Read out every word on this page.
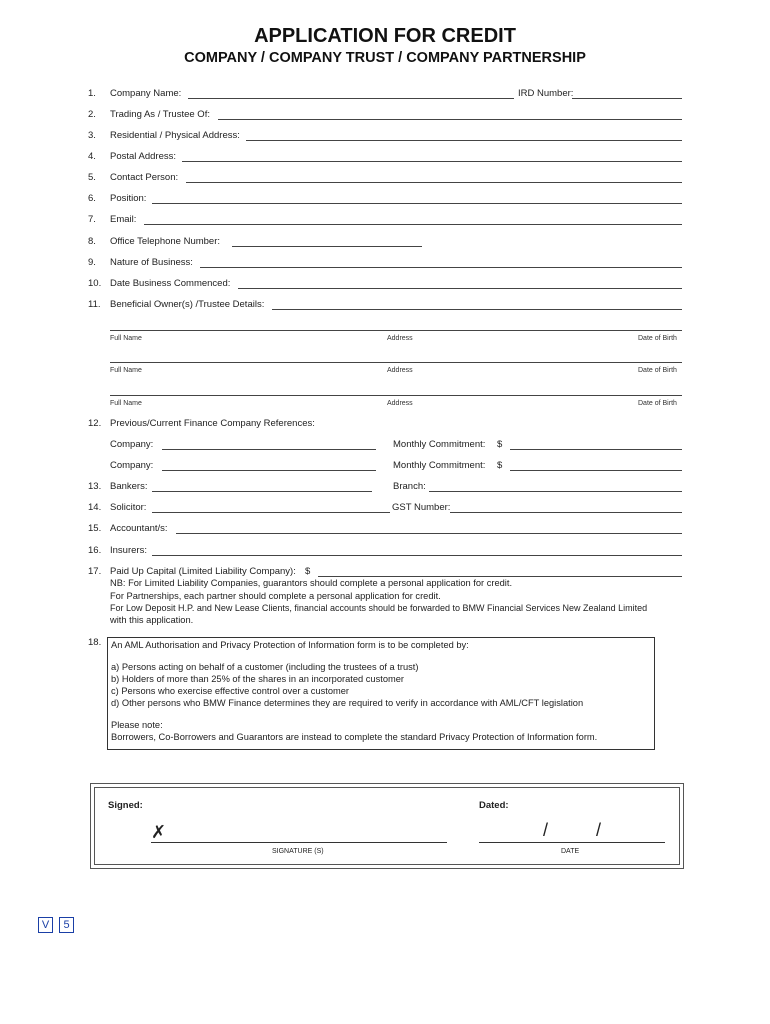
APPLICATION FOR CREDIT
COMPANY / COMPANY TRUST / COMPANY PARTNERSHIP
1. Company Name:	IRD Number:
2. Trading As / Trustee Of:
3. Residential / Physical Address:
4. Postal Address:
5. Contact Person:
6. Position:
7. Email:
8. Office Telephone Number:
9. Nature of Business:
10. Date Business Commenced:
11. Beneficial Owner(s) /Trustee Details:
Full Name	Address	Date of Birth
Full Name	Address	Date of Birth
Full Name	Address	Date of Birth
12. Previous/Current Finance Company References:
Company:	Monthly Commitment: $
Company:	Monthly Commitment: $
13. Bankers:	Branch:
14. Solicitor:	GST Number:
15. Accountant/s:
16. Insurers:
17. Paid Up Capital (Limited Liability Company): $
NB: For Limited Liability Companies, guarantors should complete a personal application for credit.
For Partnerships, each partner should complete a personal application for credit.
For Low Deposit H.P. and New Lease Clients, financial accounts should be forwarded to BMW Financial Services New Zealand Limited
with this application.
18. An AML Authorisation and Privacy Protection of Information form is to be completed by:
a) Persons acting on behalf of a customer (including the trustees of a trust)
b) Holders of more than 25% of the shares in an incorporated customer
c) Persons who exercise effective control over a customer
d) Other persons who BMW Finance determines they are required to verify in accordance with AML/CFT legislation
Please note:
Borrowers, Co-Borrowers and Guarantors are instead to complete the standard Privacy Protection of Information form.
Signed:	Dated:
✗
SIGNATURE (S)
/	/
DATE
V	5
